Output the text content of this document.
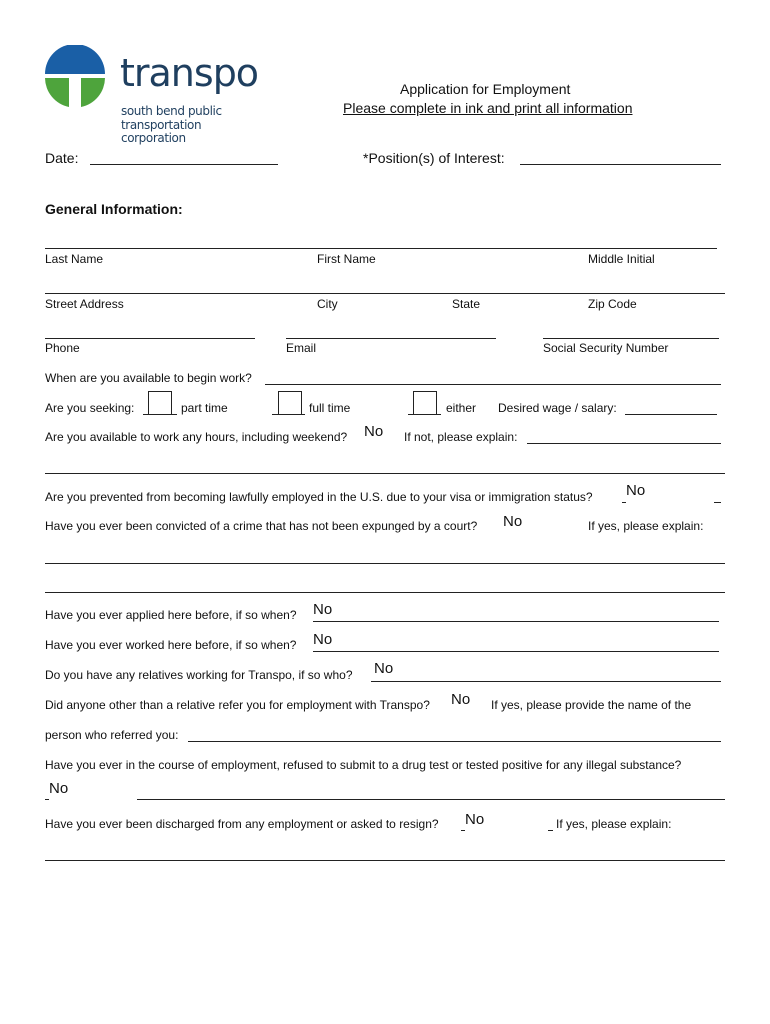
transpo
south bend public
transportation corporation
Application for Employment
Please complete in ink and print all information
Date:	*Position(s) of Interest:
General Information:
Last Name	First Name	Middle Initial
Street Address	City	State	Zip Code
Phone	Email	Social Security Number
When are you available to begin work?
Are you seeking:	part time	full time	either Desired wage / salary:
Are you available to work any hours, including weekend? No If not, please explain:
Are you prevented from becoming lawfully employed in the U.S. due to your visa or immigration status? No
Have you ever been convicted of a crime that has not been expunged by a court? No	If yes, please explain:
Have you ever applied here before, if so when? No
Have you ever worked here before, if so when? No
Do you have any relatives working for Transpo, if so who? No
Did anyone other than a relative refer you for employment with Transpo? No If yes, please provide the name of the
person who referred you:
Have you ever in the course of employment, refused to submit to a drug test or tested positive for any illegal substance?
No
Have you ever been discharged from any employment or asked to resign? No	If yes, please explain:
